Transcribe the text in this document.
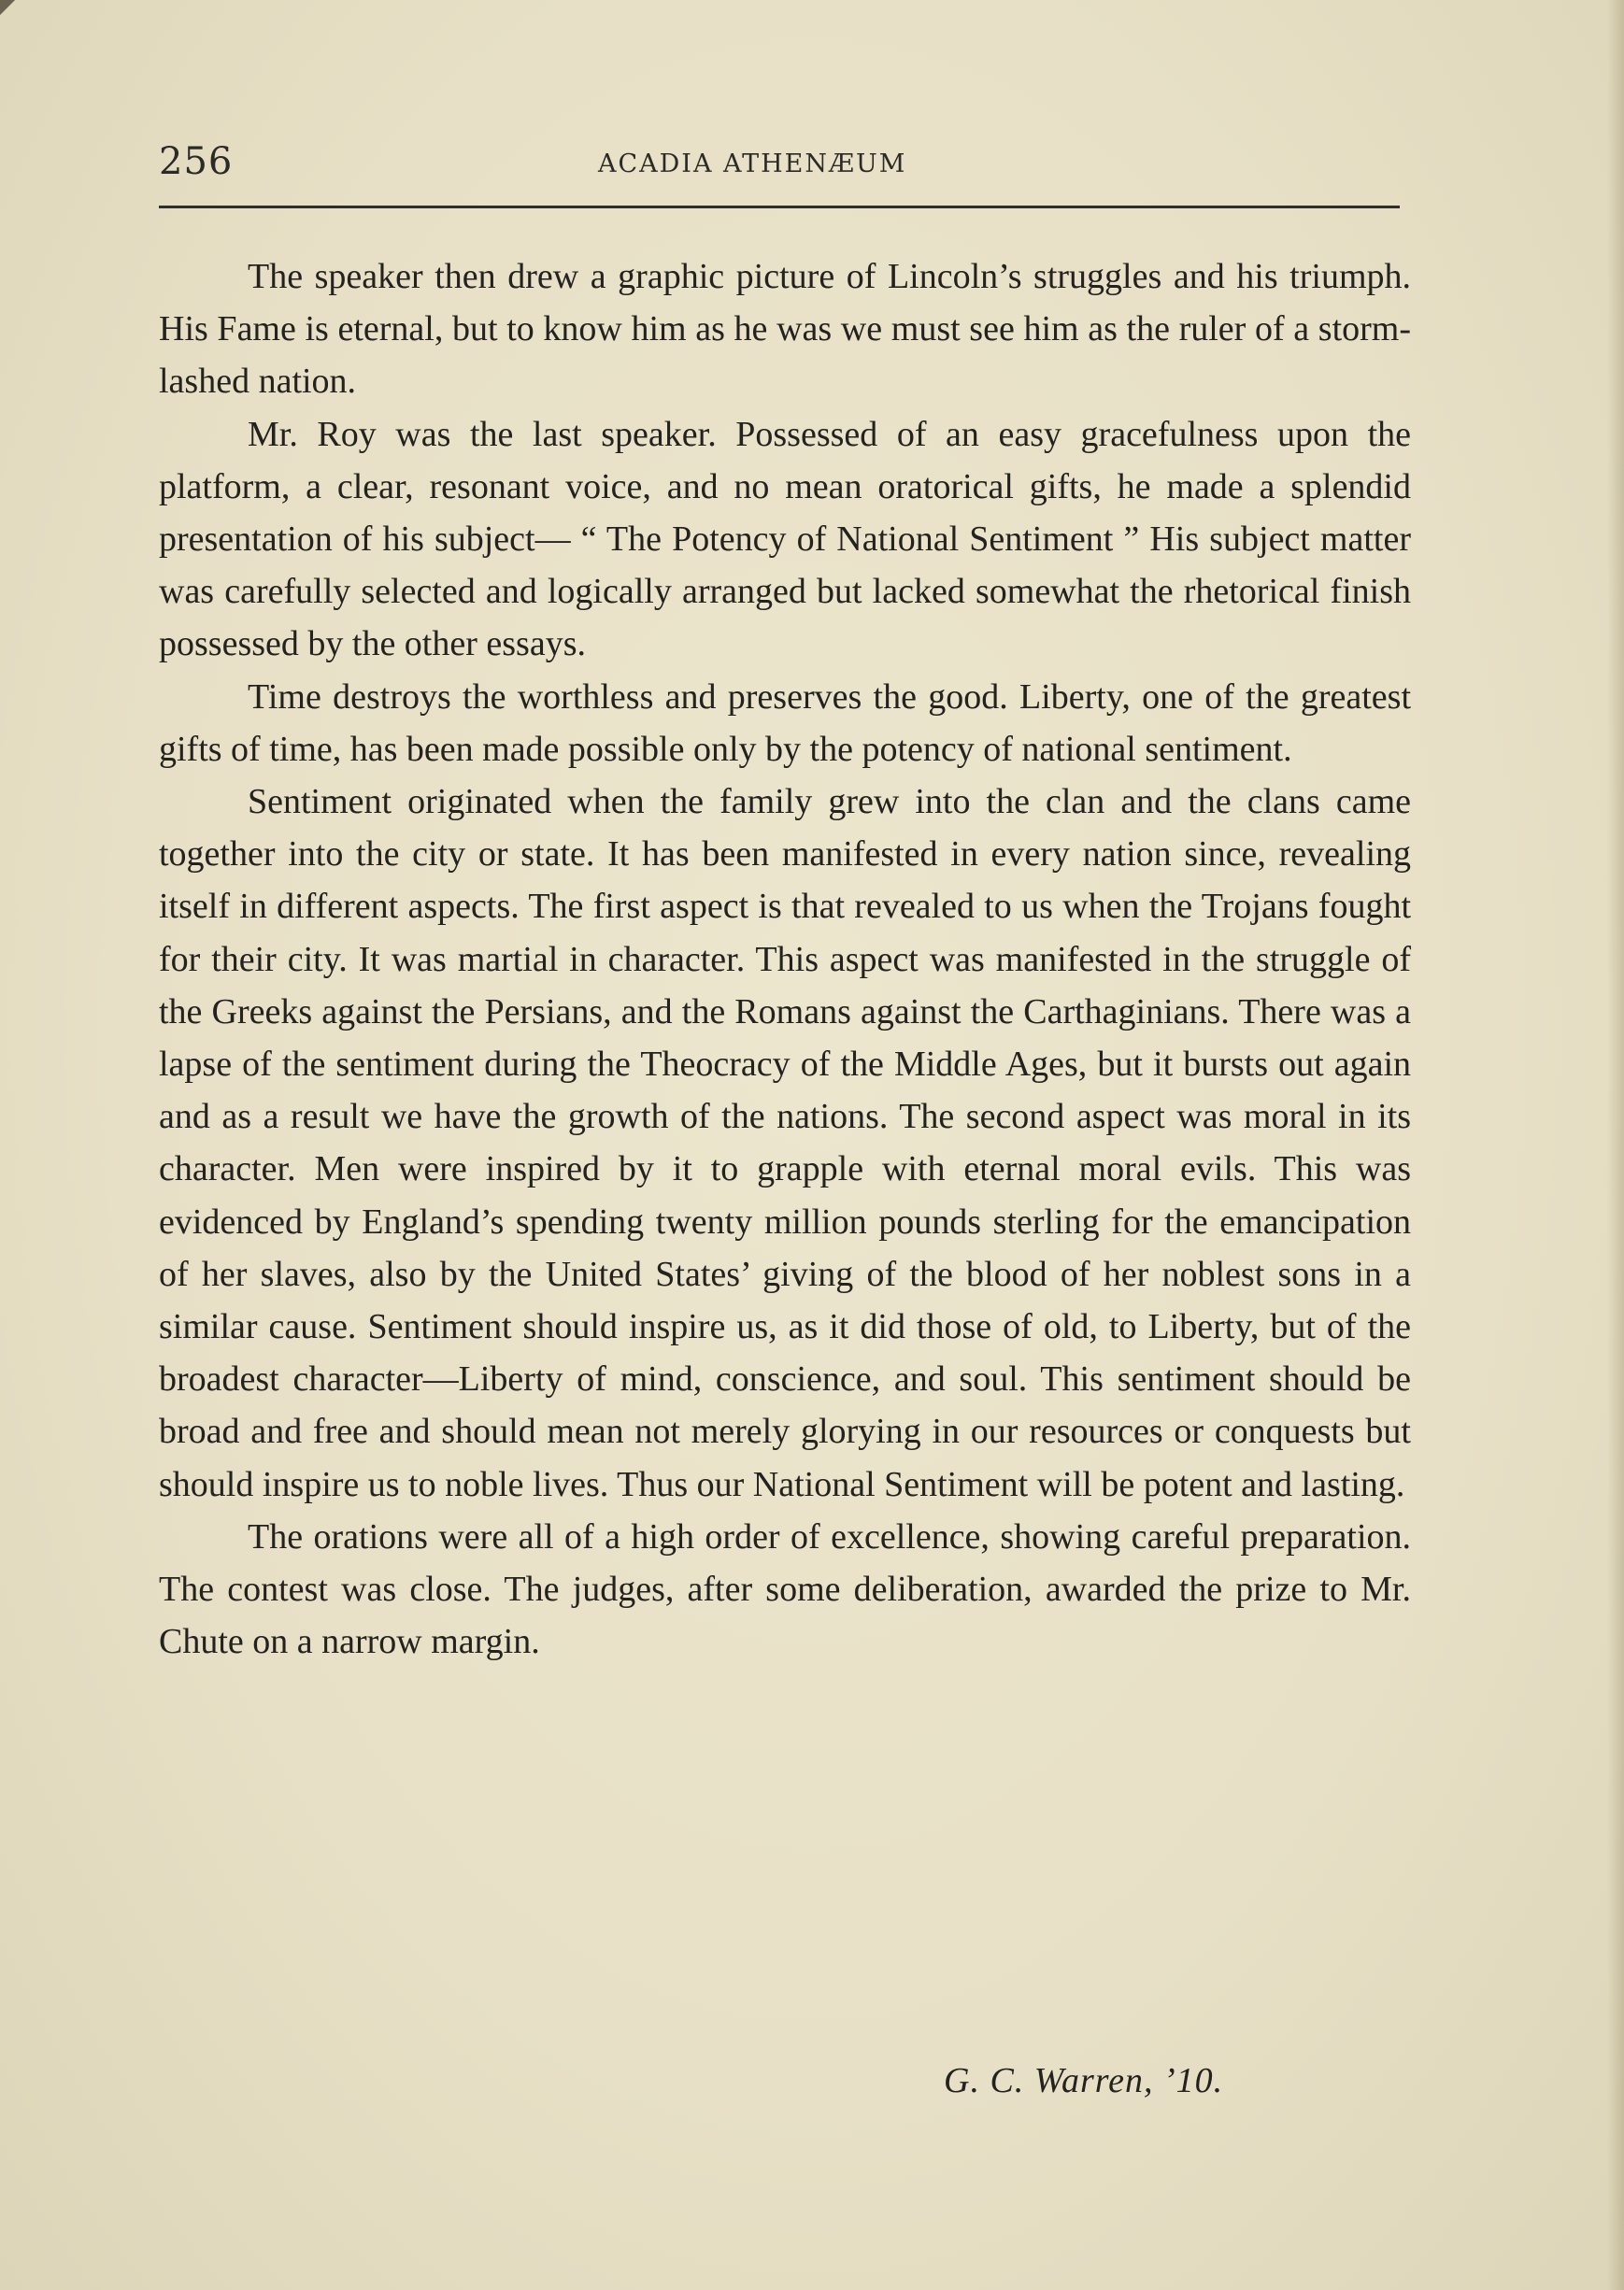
256	ACADIA ATHENÆUM

The speaker then drew a graphic picture of Lincoln’s struggles and his triumph. His Fame is eternal, but to know him as he was we must see him as the ruler of a storm-lashed nation.

Mr. Roy was the last speaker. Possessed of an easy gracefulness upon the platform, a clear, resonant voice, and no mean oratorical gifts, he made a splendid presentation of his subject— “ The Potency of National Sentiment ” His subject matter was carefully selected and logically arranged but lacked somewhat the rhetorical finish possessed by the other essays.

Time destroys the worthless and preserves the good. Liberty, one of the greatest gifts of time, has been made possible only by the potency of national sentiment.

Sentiment originated when the family grew into the clan and the clans came together into the city or state. It has been manifested in every nation since, revealing itself in different aspects. The first aspect is that revealed to us when the Trojans fought for their city. It was martial in character. This aspect was manifested in the struggle of the Greeks against the Persians, and the Romans against the Carthaginians. There was a lapse of the sentiment during the Theocracy of the Middle Ages, but it bursts out again and as a result we have the growth of the nations. The second aspect was moral in its character. Men were inspired by it to grapple with eternal moral evils. This was evidenced by England’s spending twenty million pounds sterling for the emancipation of her slaves, also by the United States’ giving of the blood of her noblest sons in a similar cause. Sentiment should inspire us, as it did those of old, to Liberty, but of the broadest character—Liberty of mind, conscience, and soul. This sentiment should be broad and free and should mean not merely glorying in our resources or conquests but should inspire us to noble lives. Thus our National Sentiment will be potent and lasting.

The orations were all of a high order of excellence, showing careful preparation. The contest was close. The judges, after some deliberation, awarded the prize to Mr. Chute on a narrow margin.

G. C. Warren, ’10.
